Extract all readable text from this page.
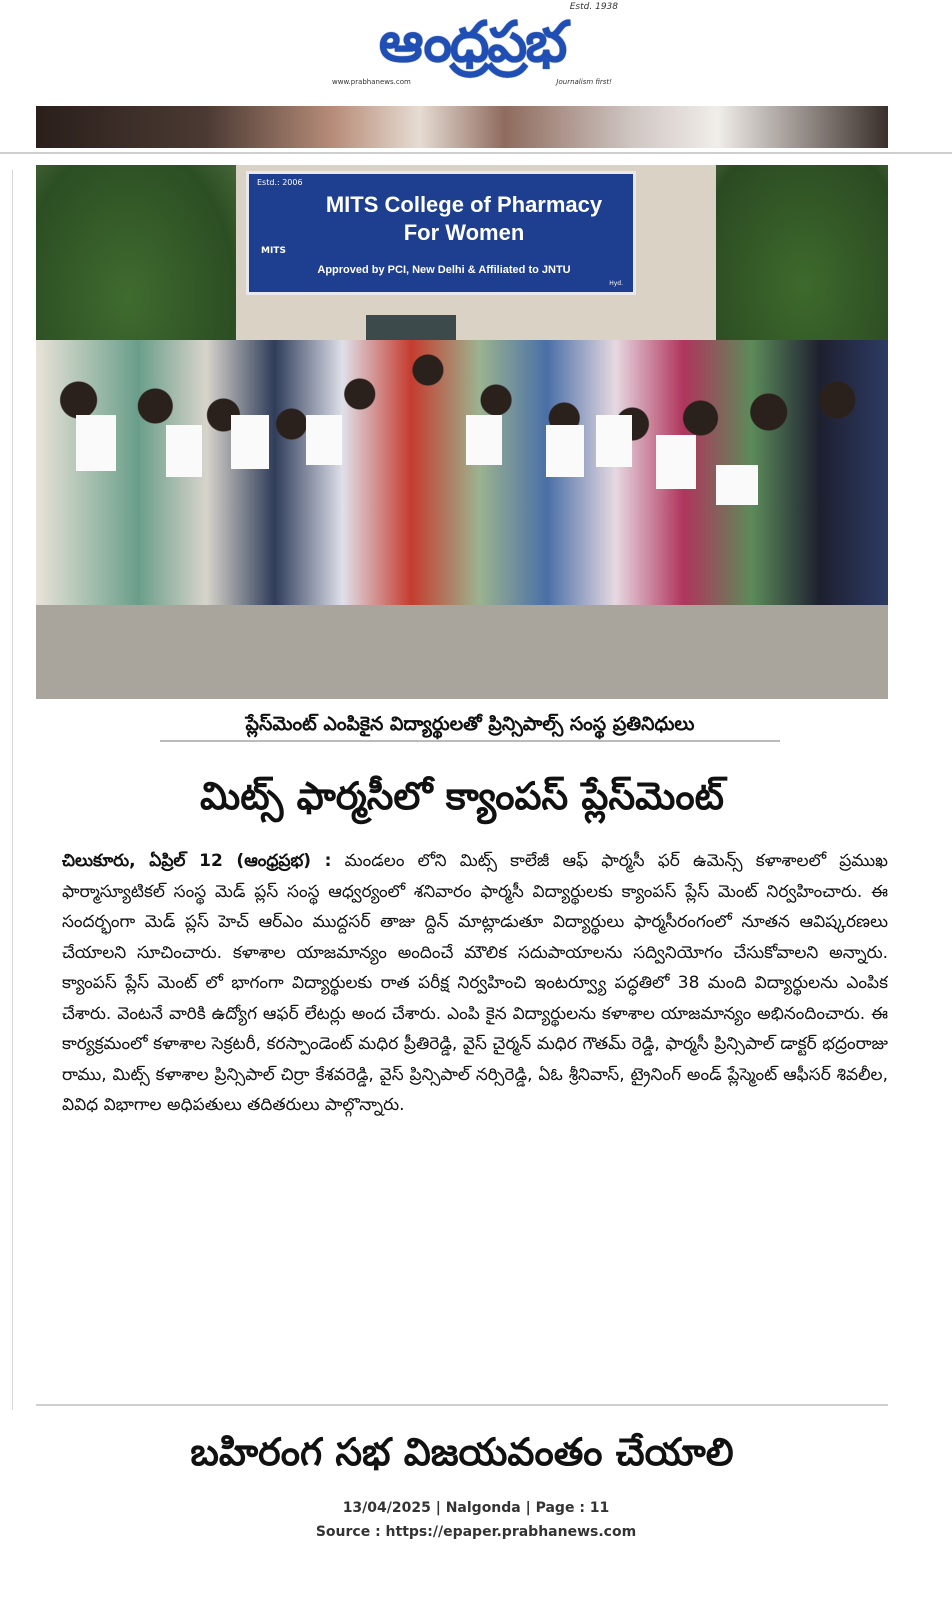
ఆంధ్రప్రభ
Estd. 1938
www.prabhanews.com	Journalism first!
Estd.: 2006
MITS
MITS College of Pharmacy
For Women
Approved by PCI, New Delhi & Affiliated to JNTU
Hyd.
ప్లేస్‌మెంట్ ఎంపికైన విద్యార్థులతో ప్రిన్సిపాల్స్ సంస్థ ప్రతినిధులు
మిట్స్ ఫార్మసీలో క్యాంపస్ ప్లేస్‌మెంట్
చిలుకూరు, ఏప్రిల్ 12 (ఆంధ్రప్రభ) : మండలం లోని మిట్స్ కాలేజీ ఆఫ్ ఫార్మసీ ఫర్ ఉమెన్స్ కళాశాలలో ప్రముఖ ఫార్మాస్యూటికల్ సంస్థ మెడ్ ప్లస్ సంస్థ ఆధ్వర్యంలో శనివారం ఫార్మసీ విద్యార్థులకు క్యాంపస్ ప్లేస్ మెంట్ నిర్వహించారు. ఈ సందర్భంగా మెడ్ ప్లస్ హెచ్ ఆర్ఎం ముద్దసర్ తాజు ద్దిన్ మాట్లాడుతూ విద్యార్థులు ఫార్మసీరంగంలో నూతన ఆవిష్కరణలు చేయాలని సూచించారు. కళాశాల యాజమాన్యం అందించే మౌలిక సదుపాయాలను సద్వినియోగం చేసుకోవాలని అన్నారు. క్యాంపస్ ప్లేస్ మెంట్ లో భాగంగా విద్యార్థులకు రాత పరీక్ష నిర్వహించి ఇంటర్వ్యూ పద్ధతిలో 38 మంది విద్యార్థులను ఎంపిక చేశారు. వెంటనే వారికి ఉద్యోగ ఆఫర్ లేటర్లు అంద చేశారు. ఎంపి కైన విద్యార్థులను కళాశాల యాజమాన్యం అభినందించారు. ఈ కార్యక్రమంలో కళాశాల సెక్రటరీ, కరస్పాండెంట్ మధిర ప్రీతిరెడ్డి, వైస్ చైర్మన్ మధిర గౌతమ్ రెడ్డి, ఫార్మసీ ప్రిన్సిపాల్ డాక్టర్ భద్రంరాజు రాము, మిట్స్ కళాశాల ప్రిన్సిపాల్ చిర్రా కేశవరెడ్డి, వైస్ ప్రిన్సిపాల్ నర్సిరెడ్డి, ఏఓ శ్రీనివాస్, ట్రైనింగ్ అండ్ ప్లేస్మెంట్ ఆఫీసర్ శివలీల, వివిధ విభాగాల అధిపతులు తదితరులు పాల్గొన్నారు.
బహిరంగ సభ విజయవంతం చేయాలి
13/04/2025 | Nalgonda | Page : 11
Source : https://epaper.prabhanews.com
